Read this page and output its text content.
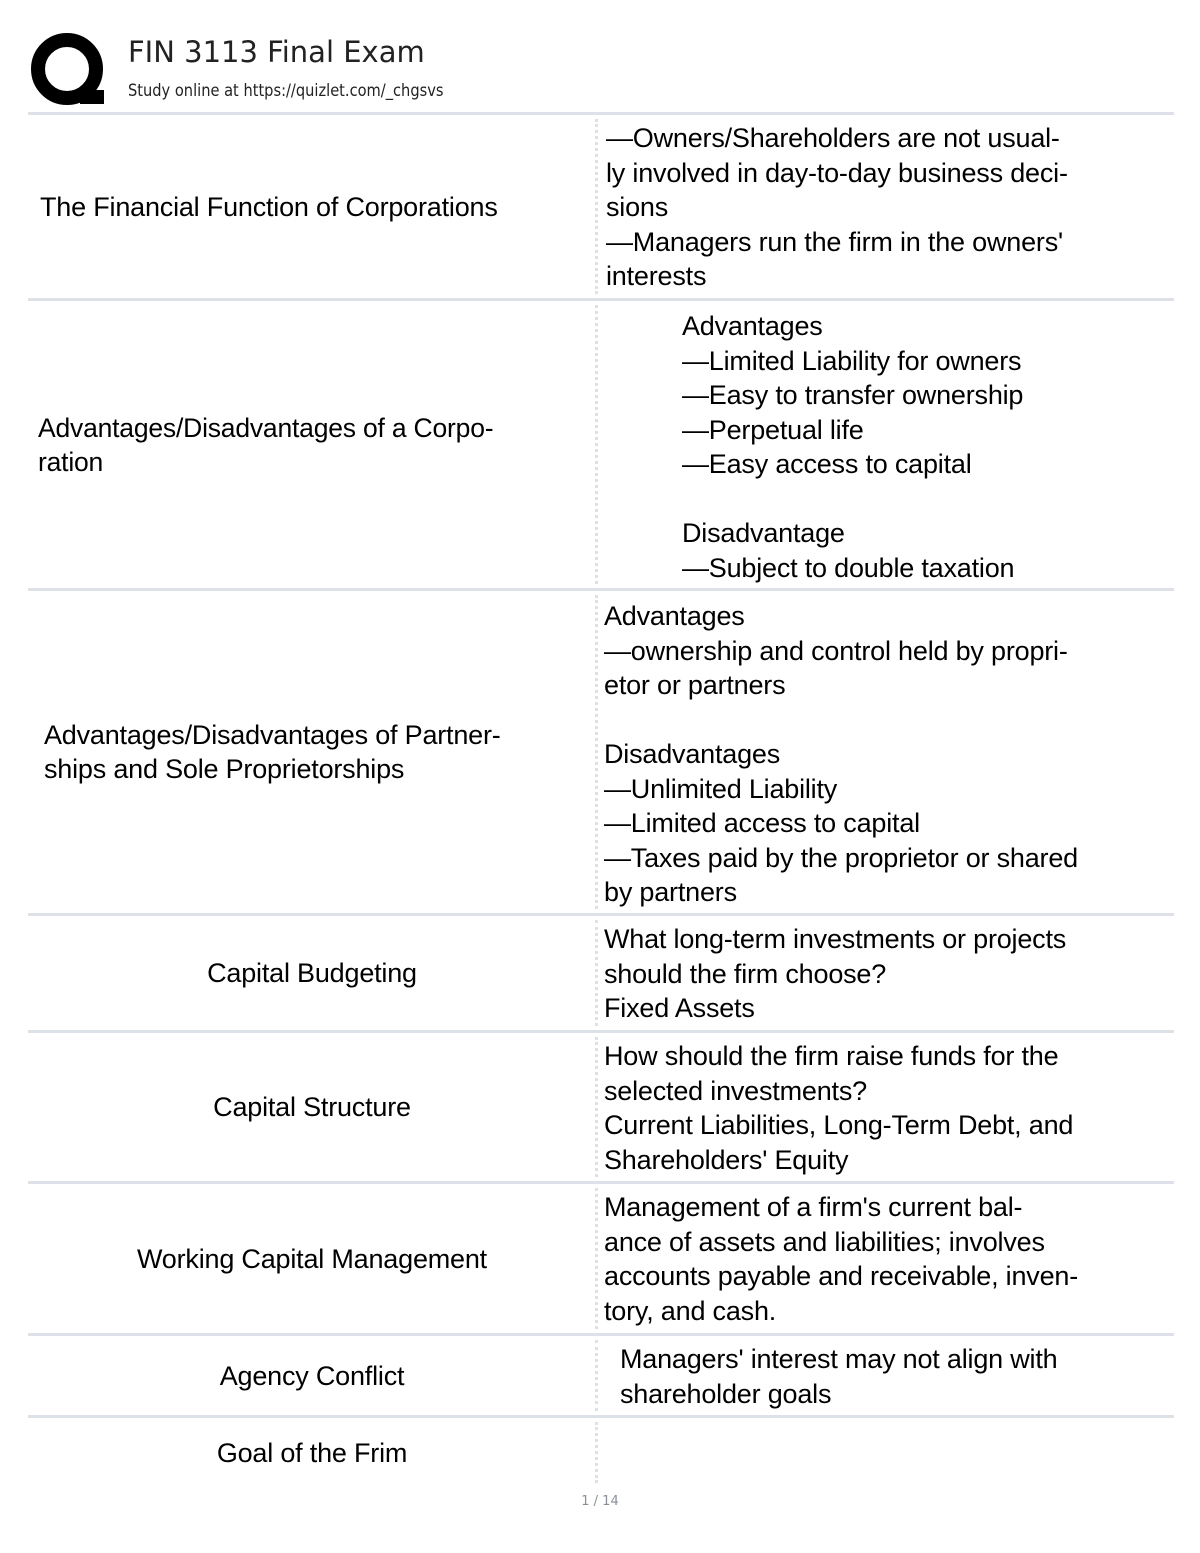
FIN 3113 Final Exam
Study online at https://quizlet.com/_chgsvs
The Financial Function of Corporations
—Owners/Shareholders are not usual-
ly involved in day-to-day business deci-
sions
—Managers run the firm in the owners'
interests
Advantages/Disadvantages of a Corpo-
ration
Advantages
—Limited Liability for owners
—Easy to transfer ownership
—Perpetual life
—Easy access to capital

Disadvantage
—Subject to double taxation
Advantages/Disadvantages of Partner-
ships and Sole Proprietorships
Advantages
—ownership and control held by propri-
etor or partners

Disadvantages
—Unlimited Liability
—Limited access to capital
—Taxes paid by the proprietor or shared
by partners
Capital Budgeting
What long-term investments or projects
should the firm choose?
Fixed Assets
Capital Structure
How should the firm raise funds for the
selected investments?
Current Liabilities, Long-Term Debt, and
Shareholders' Equity
Working Capital Management
Management of a firm's current bal-
ance of assets and liabilities; involves
accounts payable and receivable, inven-
tory, and cash.
Agency Conflict
Managers' interest may not align with
shareholder goals
Goal of the Frim
1 / 14
